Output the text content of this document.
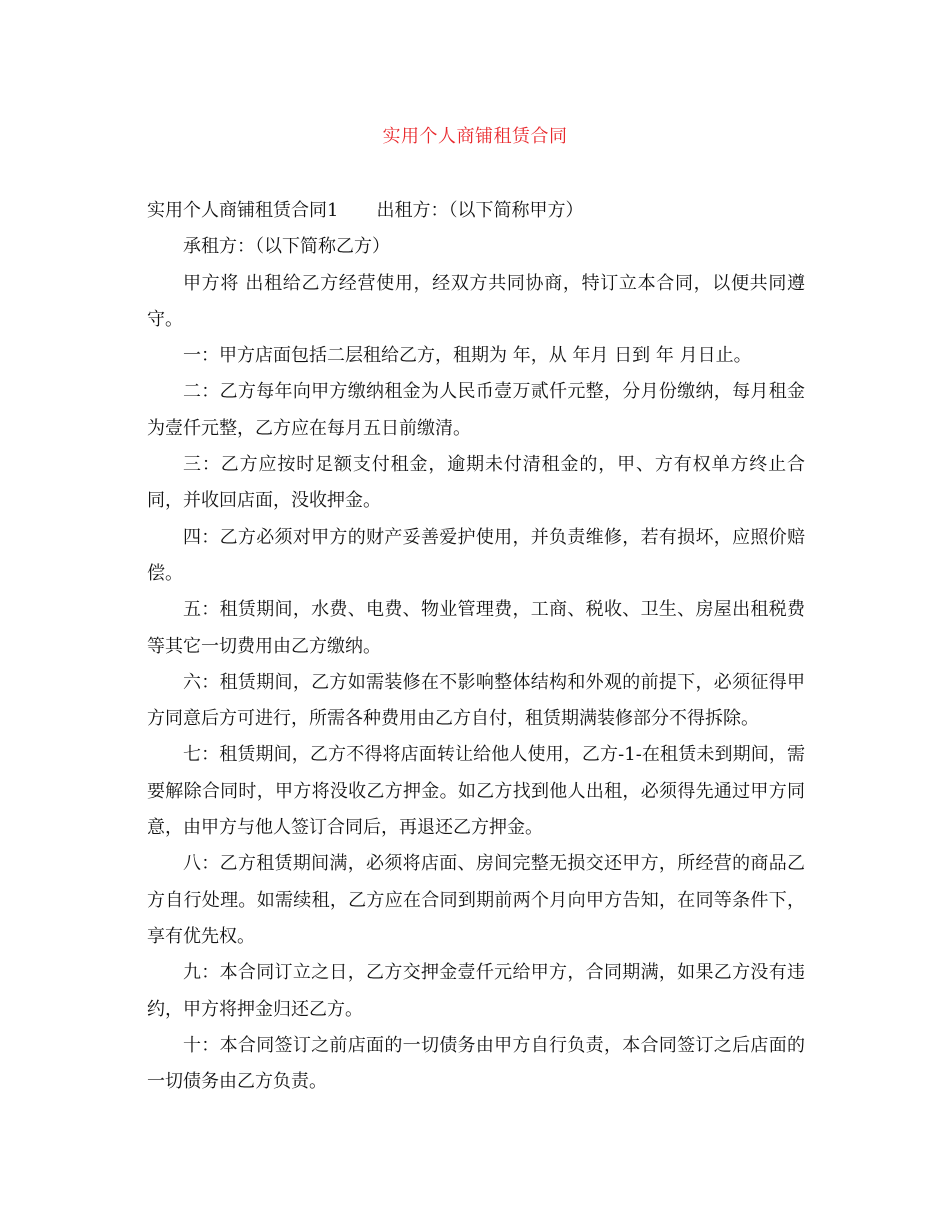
实用个人商铺租赁合同

实用个人商铺租赁合同1 出租方：（以下简称甲方）

承租方：（以下简称乙方）

甲方将 出租给乙方经营使用，经双方共同协商，特订立本合同，以便共同遵守。

一：甲方店面包括二层租给乙方，租期为 年，从 年月 日到 年 月日止。

二：乙方每年向甲方缴纳租金为人民币壹万贰仟元整，分月份缴纳，每月租金为壹仟元整，乙方应在每月五日前缴清。

三：乙方应按时足额支付租金，逾期未付清租金的，甲、方有权单方终止合同，并收回店面，没收押金。

四：乙方必须对甲方的财产妥善爱护使用，并负责维修，若有损坏，应照价赔偿。

五：租赁期间，水费、电费、物业管理费，工商、税收、卫生、房屋出租税费等其它一切费用由乙方缴纳。

六：租赁期间，乙方如需装修在不影响整体结构和外观的前提下，必须征得甲方同意后方可进行，所需各种费用由乙方自付，租赁期满装修部分不得拆除。

七：租赁期间，乙方不得将店面转让给他人使用，乙方-1-在租赁未到期间，需要解除合同时，甲方将没收乙方押金。如乙方找到他人出租，必须得先通过甲方同意，由甲方与他人签订合同后，再退还乙方押金。

八：乙方租赁期间满，必须将店面、房间完整无损交还甲方，所经营的商品乙方自行处理。如需续租，乙方应在合同到期前两个月向甲方告知，在同等条件下，享有优先权。

九：本合同订立之日，乙方交押金壹仟元给甲方，合同期满，如果乙方没有违约，甲方将押金归还乙方。

十：本合同签订之前店面的一切债务由甲方自行负责，本合同签订之后店面的一切债务由乙方负责。
